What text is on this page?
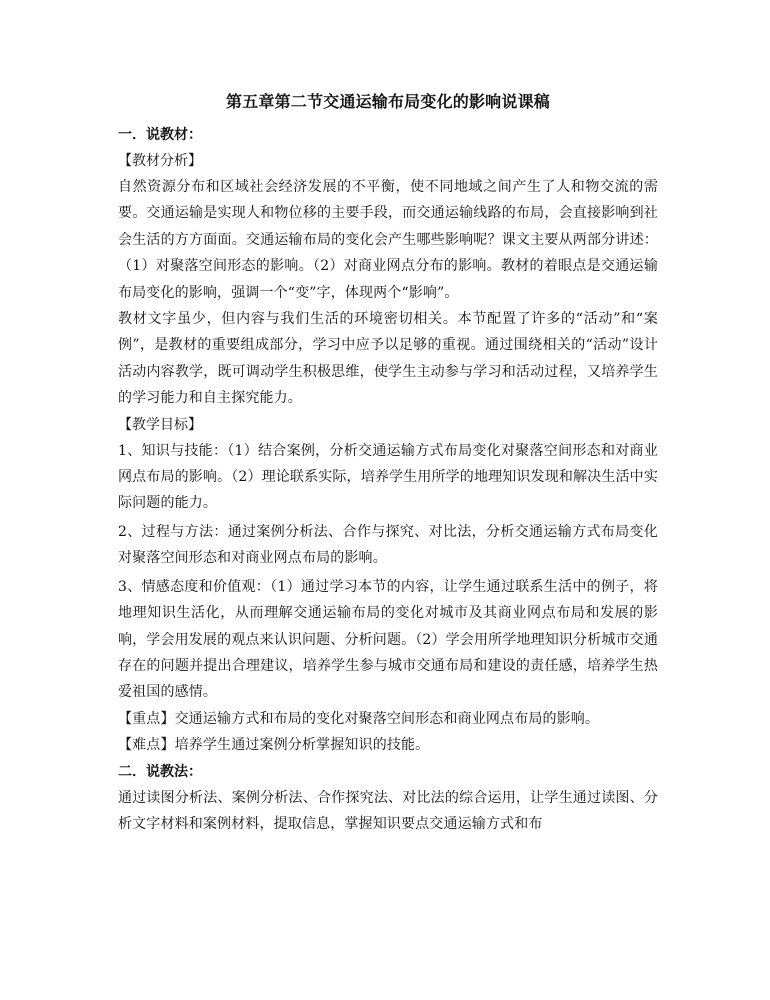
第五章第二节交通运输布局变化的影响说课稿

一．说教材：

【教材分析】

自然资源分布和区域社会经济发展的不平衡，使不同地域之间产生了人和物交流的需要。交通运输是实现人和物位移的主要手段，而交通运输线路的布局，会直接影响到社会生活的方方面面。交通运输布局的变化会产生哪些影响呢？课文主要从两部分讲述：（1）对聚落空间形态的影响。（2）对商业网点分布的影响。教材的着眼点是交通运输布局变化的影响，强调一个“变”字，体现两个“影响”。

教材文字虽少，但内容与我们生活的环境密切相关。本节配置了许多的“活动”和“案例”，是教材的重要组成部分，学习中应予以足够的重视。通过围绕相关的“活动”设计活动内容教学，既可调动学生积极思维，使学生主动参与学习和活动过程，又培养学生的学习能力和自主探究能力。

【教学目标】

1、知识与技能：（1）结合案例，分析交通运输方式布局变化对聚落空间形态和对商业网点布局的影响。（2）理论联系实际，培养学生用所学的地理知识发现和解决生活中实际问题的能力。

2、过程与方法：通过案例分析法、合作与探究、对比法，分析交通运输方式布局变化对聚落空间形态和对商业网点布局的影响。

3、情感态度和价值观：（1）通过学习本节的内容，让学生通过联系生活中的例子，将地理知识生活化，从而理解交通运输布局的变化对城市及其商业网点布局和发展的影响，学会用发展的观点来认识问题、分析问题。（2）学会用所学地理知识分析城市交通存在的问题并提出合理建议，培养学生参与城市交通布局和建设的责任感，培养学生热爱祖国的感情。

【重点】交通运输方式和布局的变化对聚落空间形态和商业网点布局的影响。

【难点】培养学生通过案例分析掌握知识的技能。

二．说教法：

通过读图分析法、案例分析法、合作探究法、对比法的综合运用，让学生通过读图、分析文字材料和案例材料，提取信息，掌握知识要点交通运输方式和布
